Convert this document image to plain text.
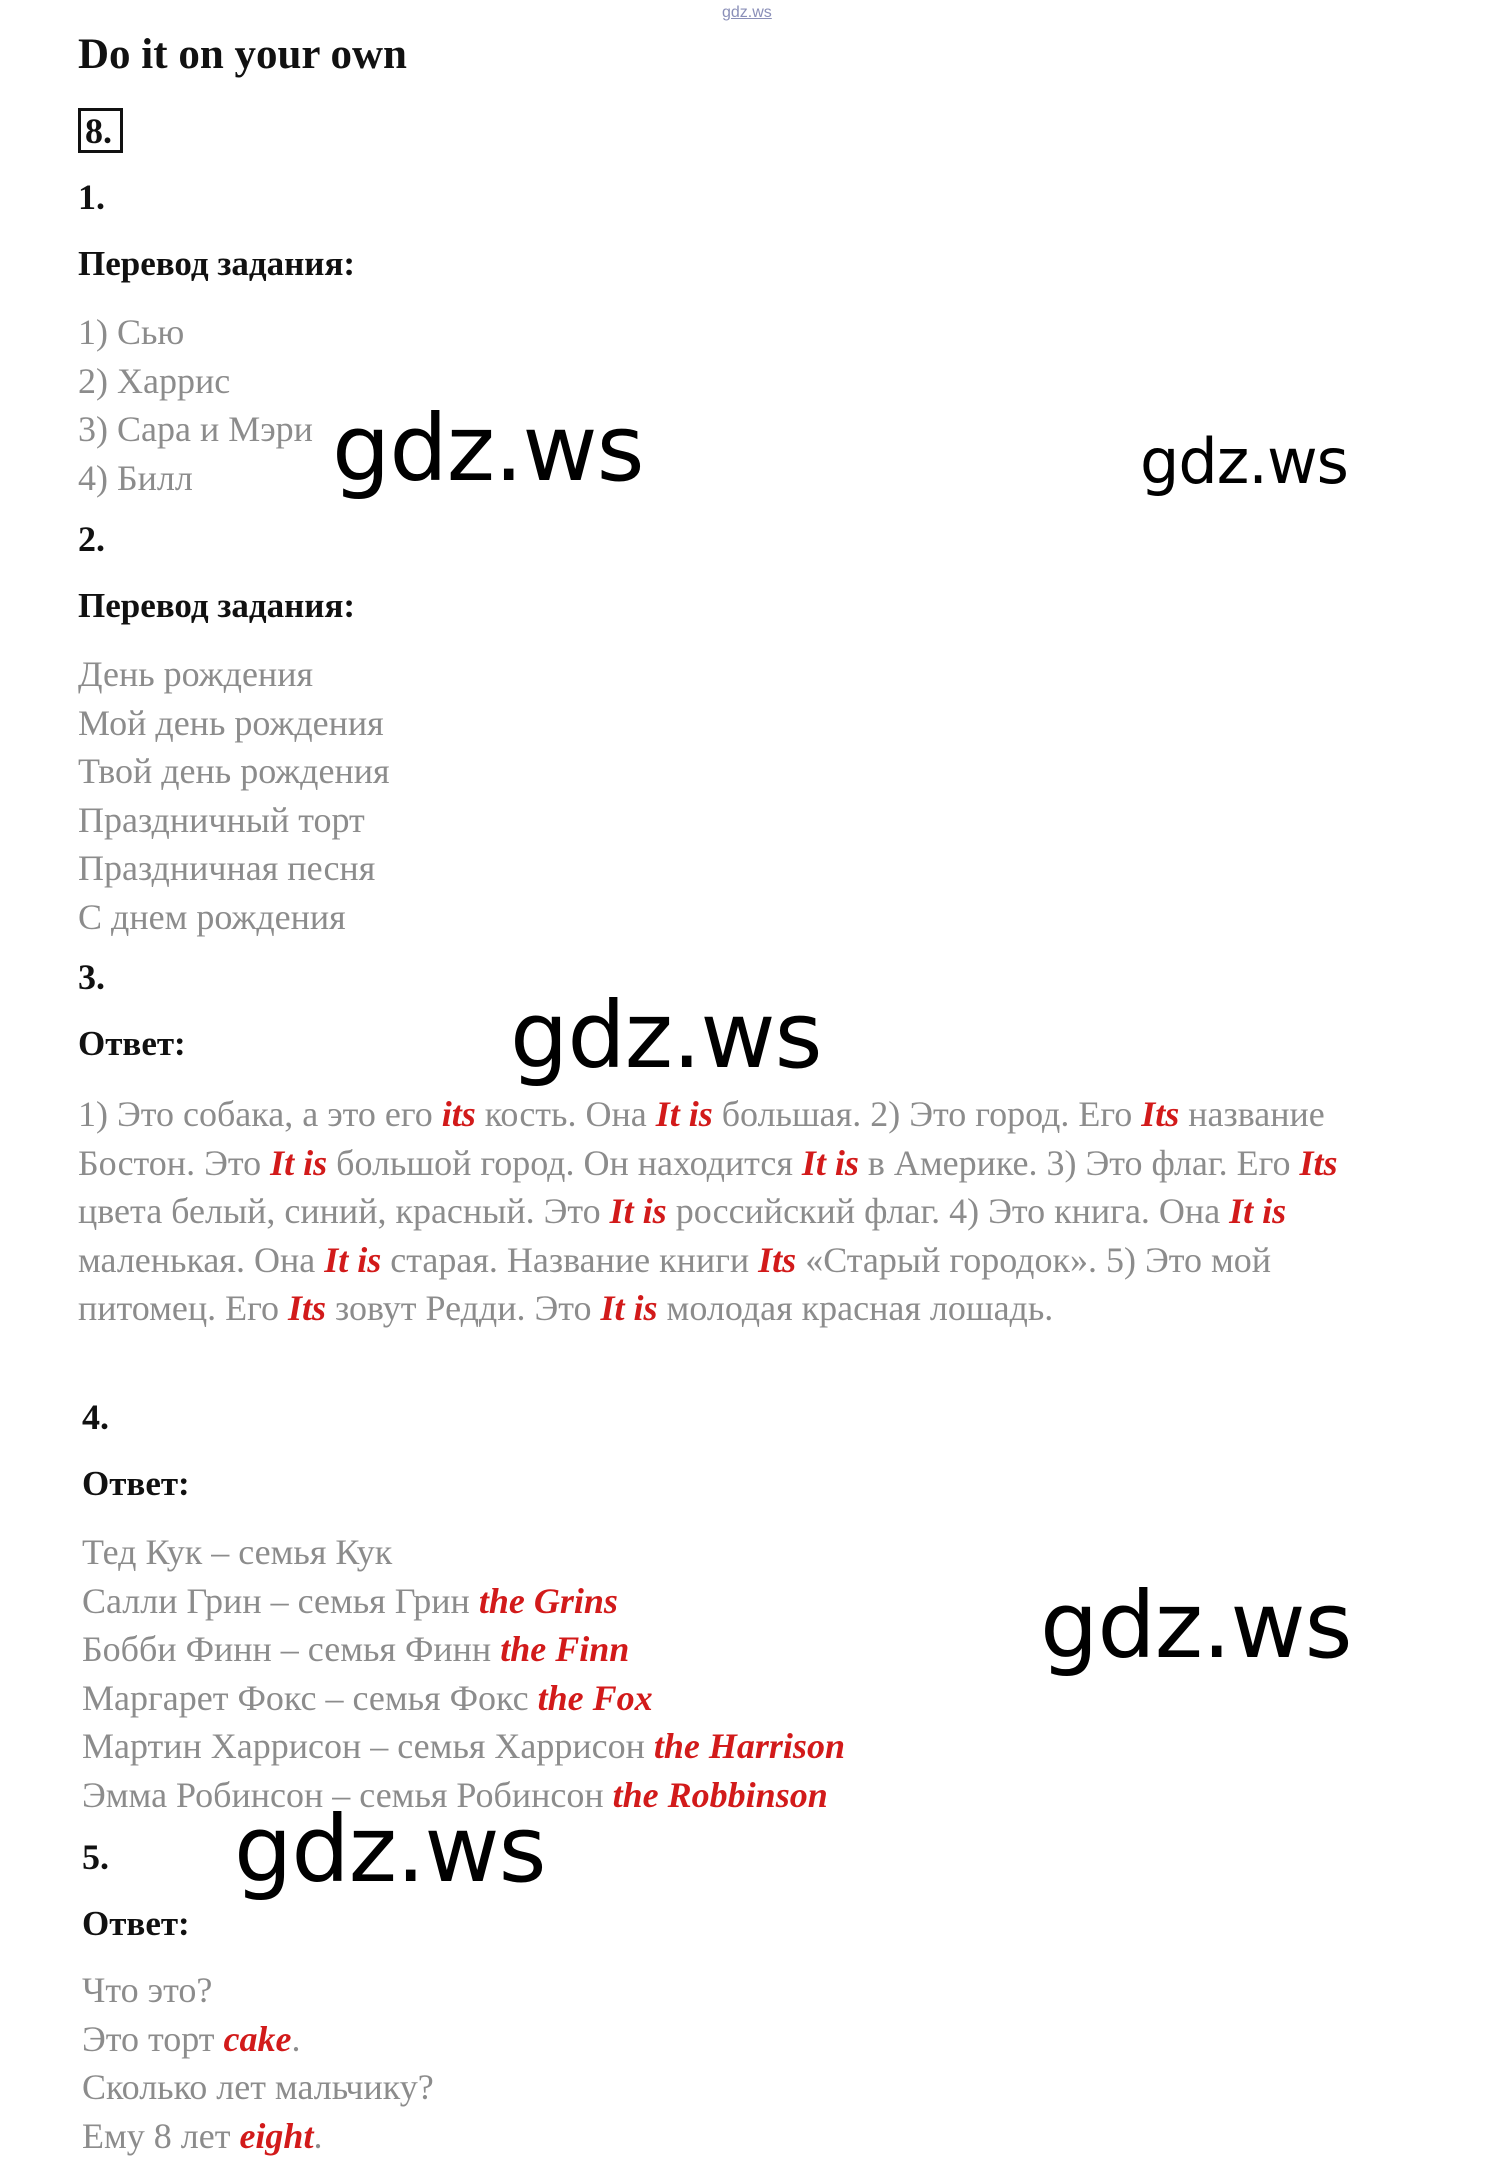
gdz.ws
Do it on your own
8.
1.
Перевод задания:
1) Сью
2) Харрис
3) Сара и Мэри
4) Билл
2.
Перевод задания:
День рождения
Мой день рождения
Твой день рождения
Праздничный торт
Праздничная песня
С днем рождения
3.
Ответ:

1) Это собака, а это его its кость. Она It is большая. 2) Это город. Его Its название Бостон. Это It is большой город. Он находится It is в Америке. 3) Это флаг. Его Its цвета белый, синий, красный. Это It is российский флаг. 4) Это книга. Она It is маленькая. Она It is старая. Название книги Its «Старый городок». 5) Это мой питомец. Его Its зовут Редди. Это It is молодая красная лошадь.

4.
Ответ:
Тед Кук – семья Кук
Салли Грин – семья Грин the Grins
Бобби Финн – семья Финн the Finn
Маргарет Фокс – семья Фокс the Fox
Мартин Харрисон – семья Харрисон the Harrison
Эмма Робинсон – семья Робинсон the Robbinson
5.
Ответ:
Что это?
Это торт cake.
Сколько лет мальчику?
Ему 8 лет eight.
gdz.ws	gdz.ws
gdz.ws
gdz.ws
gdz.ws
